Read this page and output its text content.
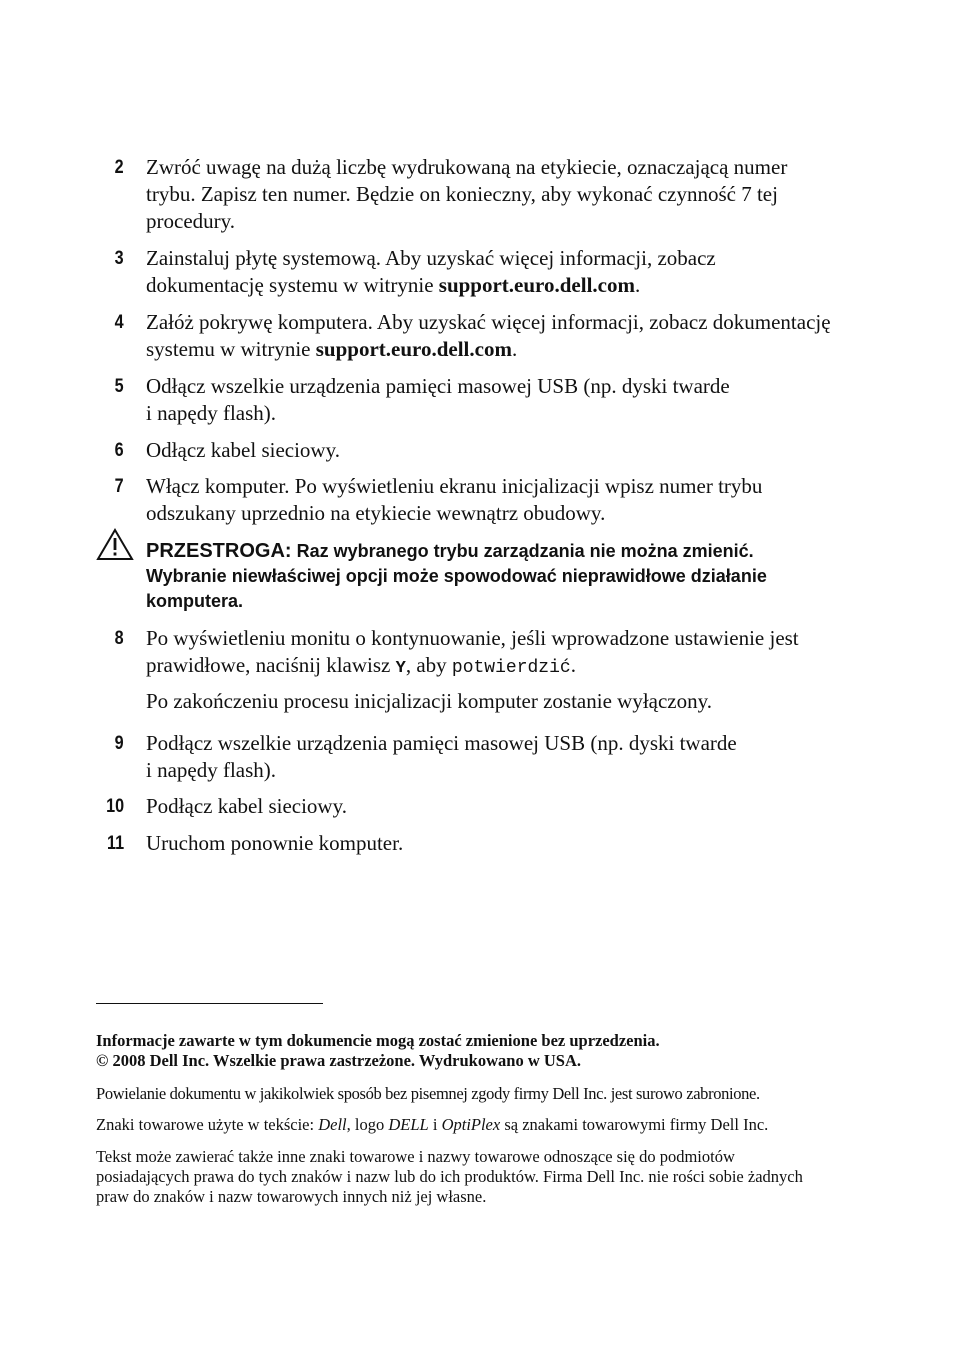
2 Zwróć uwagę na dużą liczbę wydrukowaną na etykiecie, oznaczającą numer trybu. Zapisz ten numer. Będzie on konieczny, aby wykonać czynność 7 tej procedury.
3 Zainstaluj płytę systemową. Aby uzyskać więcej informacji, zobacz dokumentację systemu w witrynie support.euro.dell.com.
4 Załóż pokrywę komputera. Aby uzyskać więcej informacji, zobacz dokumentację systemu w witrynie support.euro.dell.com.
5 Odłącz wszelkie urządzenia pamięci masowej USB (np. dyski twarde
i napędy flash).
6 Odłącz kabel sieciowy.
7 Włącz komputer. Po wyświetleniu ekranu inicjalizacji wpisz numer trybu odszukany uprzednio na etykiecie wewnątrz obudowy.
PRZESTROGA: Raz wybranego trybu zarządzania nie można zmienić. Wybranie niewłaściwej opcji może spowodować nieprawidłowe działanie komputera.
8 Po wyświetleniu monitu o kontynuowanie, jeśli wprowadzone ustawienie jest prawidłowe, naciśnij klawisz Y, aby potwierdzić.
Po zakończeniu procesu inicjalizacji komputer zostanie wyłączony.
9 Podłącz wszelkie urządzenia pamięci masowej USB (np. dyski twarde
i napędy flash).
10 Podłącz kabel sieciowy.
11 Uruchom ponownie komputer.
Informacje zawarte w tym dokumencie mogą zostać zmienione bez uprzedzenia.
© 2008 Dell Inc. Wszelkie prawa zastrzeżone. Wydrukowano w USA.
Powielanie dokumentu w jakikolwiek sposób bez pisemnej zgody firmy Dell Inc. jest surowo zabronione.
Znaki towarowe użyte w tekście: Dell, logo DELL i OptiPlex są znakami towarowymi firmy Dell Inc.
Tekst może zawierać także inne znaki towarowe i nazwy towarowe odnoszące się do podmiotów posiadających prawa do tych znaków i nazw lub do ich produktów. Firma Dell Inc. nie rości sobie żadnych praw do znaków i nazw towarowych innych niż jej własne.
